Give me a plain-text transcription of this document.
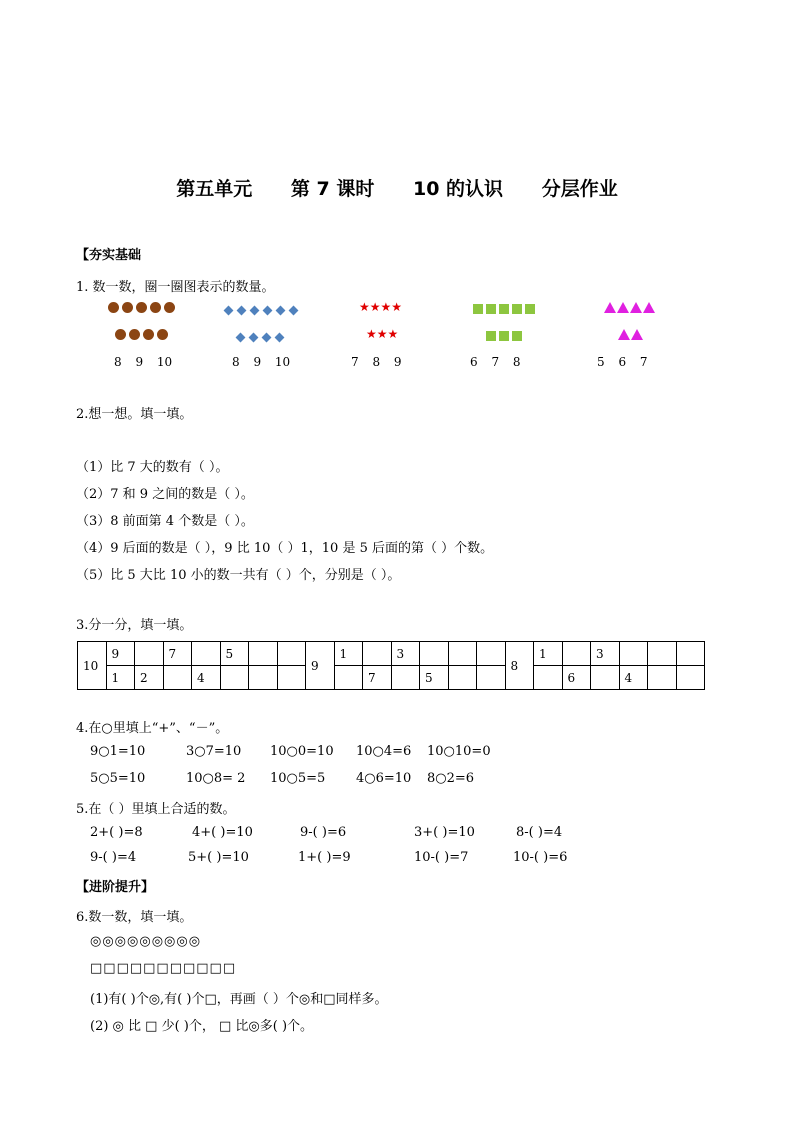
第五单元 第 7 课时 10 的认识 分层作业
【夯实基础
1. 数一数，圈一圈图表示的数量。
8 9 10	8 9 10
★★★★
★★★
7 8 9	6 7 8	5 6 7
2.想一想。填一填。
（1）比 7 大的数有（ ）。
（2）7 和 9 之间的数是（ ）。
（3）8 前面第 4 个数是（ ）。
（4）9 后面的数是（ ），9 比 10（ ）1，10 是 5 后面的第（ ）个数。
（5）比 5 大比 10 小的数一共有（ ）个，分别是（ ）。
3.分一分，填一填。
10	9		7		5			9	1		3				8	1		3			
	1	2		4						7		5					6		4		
4.在○里填上“+”、“－”。
9○1=10	3○7=10 10○0=10 10○4=6 10○10=0
5○5=10	10○8= 2 10○5=5 4○6=10 8○2=6
5.在（ ）里填上合适的数。
2+( )=8	4+( )=10	9-( )=6	3+( )=10	8-( )=4
9-( )=4	5+( )=10	1+( )=9	10-( )=7	10-( )=6
【进阶提升】
6.数一数，填一填。
◎◎◎◎◎◎◎◎◎
□□□□□□□□□□□
(1)有( )个◎,有( )个□，再画（ ）个◎和□同样多。
(2) ◎ 比 □ 少( )个， □ 比◎多( )个。
